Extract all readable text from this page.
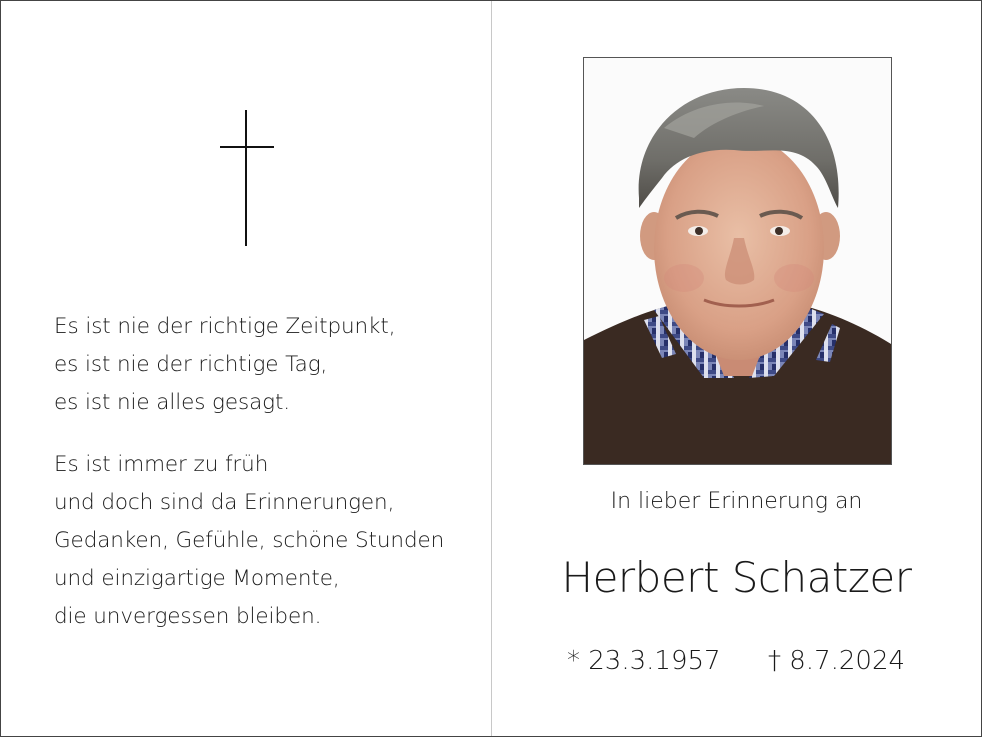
Es ist nie der richtige Zeitpunkt,
es ist nie der richtige Tag,
es ist nie alles gesagt.
Es ist immer zu früh
und doch sind da Erinnerungen,
Gedanken, Gefühle, schöne Stunden
und einzigartige Momente,
die unvergessen bleiben.
In lieber Erinnerung an
Herbert Schatzer
* 23.3.1957 † 8.7.2024
